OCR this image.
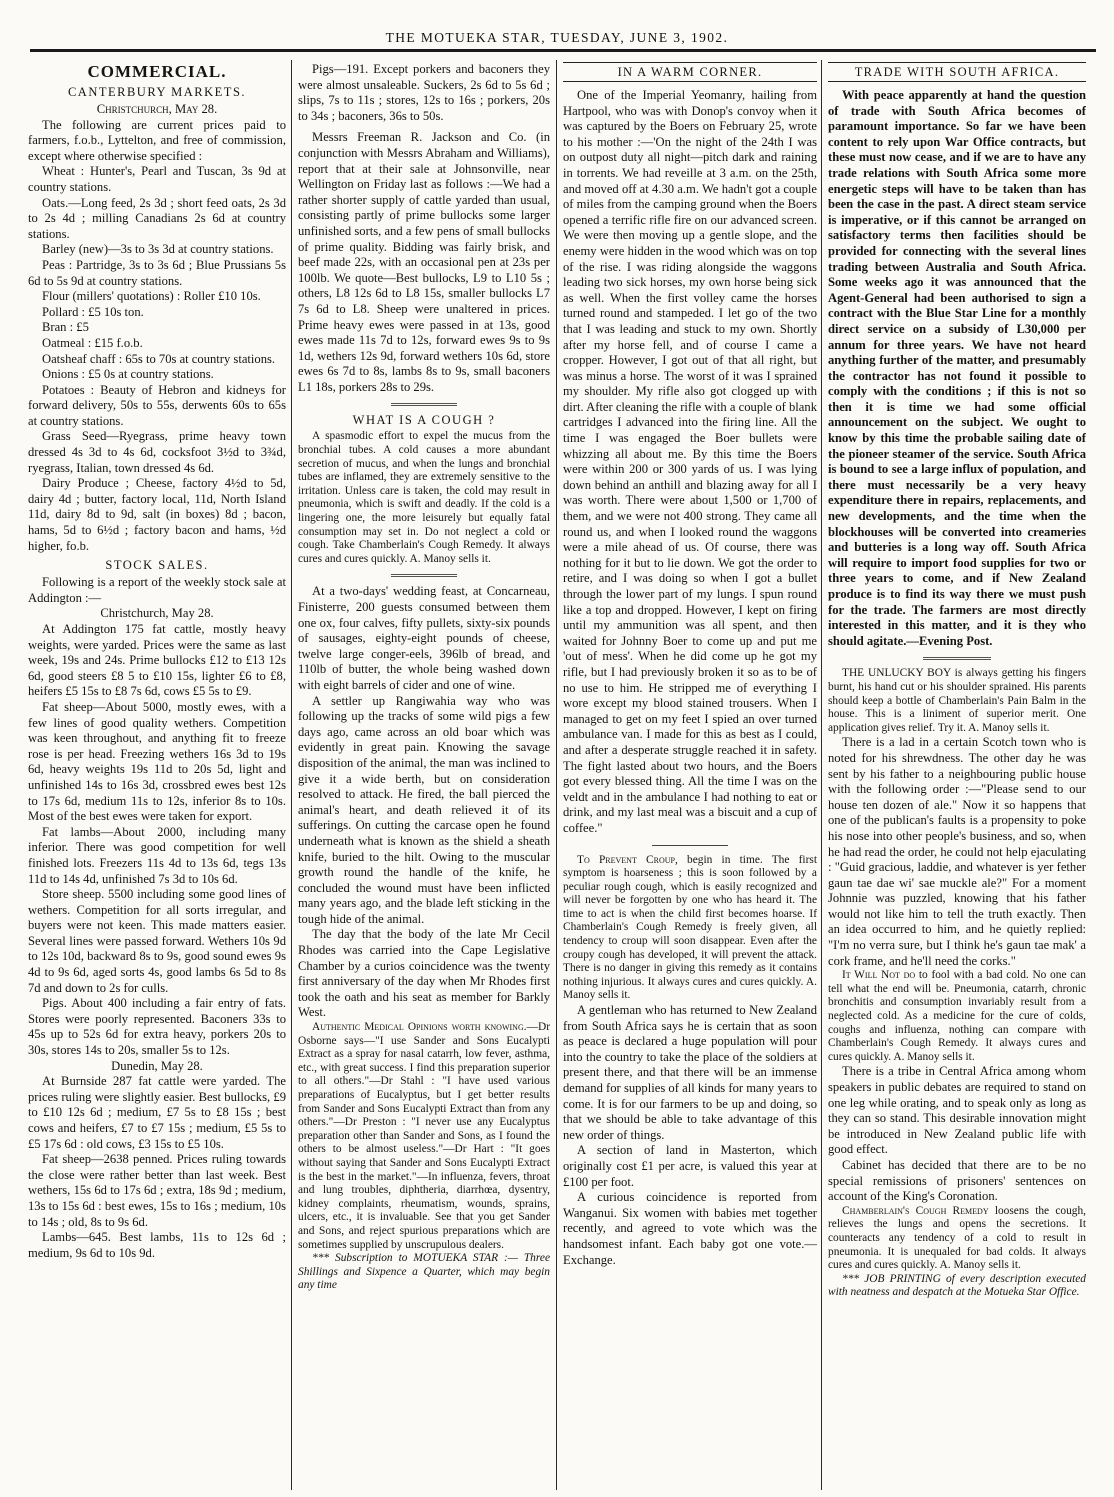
THE MOTUEKA STAR, TUESDAY, JUNE 3, 1902.
COMMERCIAL.
CANTERBURY MARKETS.

Christchurch, May 28.

The following are current prices paid to farmers, f.o.b., Lyttelton, and free of commission, except where otherwise specified :

Wheat : Hunter's, Pearl and Tuscan, 3s 9d at country stations.

Oats.—Long feed, 2s 3d ; short feed oats, 2s 3d to 2s 4d ; milling Canadians 2s 6d at country stations.

Barley (new)—3s to 3s 3d at country stations.

Peas : Partridge, 3s to 3s 6d ; Blue Prussians 5s 6d to 5s 9d at country stations.

Flour (millers' quotations) : Roller £10 10s.

Pollard : £5 10s ton.

Bran : £5

Oatmeal : £15 f.o.b.

Oatsheaf chaff : 65s to 70s at country stations.

Onions : £5 0s at country stations.

Potatoes : Beauty of Hebron and kidneys for forward delivery, 50s to 55s, derwents 60s to 65s at country stations.

Grass Seed—Ryegrass, prime heavy town dressed 4s 3d to 4s 6d, cocksfoot 3½d to 3¾d, ryegrass, Italian, town dressed 4s 6d.

Dairy Produce ; Cheese, factory 4½d to 5d, dairy 4d ; butter, factory local, 11d, North Island 11d, dairy 8d to 9d, salt (in boxes) 8d ; bacon, hams, 5d to 6½d ; factory bacon and hams, ½d higher, fo.b.

STOCK SALES.

Following is a report of the weekly stock sale at Addington :—

Christchurch, May 28.

At Addington 175 fat cattle, mostly heavy weights, were yarded. Prices were the same as last week, 19s and 24s. Prime bullocks £12 to £13 12s 6d, good steers £8 5 to £10 15s, lighter £6 to £8, heifers £5 15s to £8 7s 6d, cows £5 5s to £9.

Fat sheep—About 5000, mostly ewes, with a few lines of good quality wethers. Competition was keen throughout, and anything fit to freeze rose is per head. Freezing wethers 16s 3d to 19s 6d, heavy weights 19s 11d to 20s 5d, light and unfinished 14s to 16s 3d, crossbred ewes best 12s to 17s 6d, medium 11s to 12s, inferior 8s to 10s. Most of the best ewes were taken for export.

Fat lambs—About 2000, including many inferior. There was good competition for well finished lots. Freezers 11s 4d to 13s 6d, tegs 13s 11d to 14s 4d, unfinished 7s 3d to 10s 6d.

Store sheep. 5500 including some good lines of wethers. Competition for all sorts irregular, and buyers were not keen. This made matters easier. Several lines were passed forward. Wethers 10s 9d to 12s 10d, backward 8s to 9s, good sound ewes 9s 4d to 9s 6d, aged sorts 4s, good lambs 6s 5d to 8s 7d and down to 2s for culls.

Pigs. About 400 including a fair entry of fats. Stores were poorly represented. Baconers 33s to 45s up to 52s 6d for extra heavy, porkers 20s to 30s, stores 14s to 20s, smaller 5s to 12s.

Dunedin, May 28.

At Burnside 287 fat cattle were yarded. The prices ruling were slightly easier. Best bullocks, £9 to £10 12s 6d ; medium, £7 5s to £8 15s ; best cows and heifers, £7 to £7 15s ; medium, £5 5s to £5 17s 6d : old cows, £3 15s to £5 10s.

Fat sheep—2638 penned. Prices ruling towards the close were rather better than last week. Best wethers, 15s 6d to 17s 6d ; extra, 18s 9d ; medium, 13s to 15s 6d : best ewes, 15s to 16s ; medium, 10s to 14s ; old, 8s to 9s 6d.

Lambs—645. Best lambs, 11s to 12s 6d ; medium, 9s 6d to 10s 9d.

Pigs—191. Except porkers and baconers they were almost unsaleable. Suckers, 2s 6d to 5s 6d ; slips, 7s to 11s ; stores, 12s to 16s ; porkers, 20s to 34s ; baconers, 36s to 50s.

Messrs Freeman R. Jackson and Co. (in conjunction with Messrs Abraham and Williams), report that at their sale at Johnsonville, near Wellington on Friday last as follows :—We had a rather shorter supply of cattle yarded than usual, consisting partly of prime bullocks some larger unfinished sorts, and a few pens of small bullocks of prime quality. Bidding was fairly brisk, and beef made 22s, with an occasional pen at 23s per 100lb. We quote—Best bullocks, L9 to L10 5s ; others, L8 12s 6d to L8 15s, smaller bullocks L7 7s 6d to L8. Sheep were unaltered in prices. Prime heavy ewes were passed in at 13s, good ewes made 11s 7d to 12s, forward ewes 9s to 9s 1d, wethers 12s 9d, forward wethers 10s 6d, store ewes 6s 7d to 8s, lambs 8s to 9s, small baconers L1 18s, porkers 28s to 29s.

WHAT IS A COUGH ?

A spasmodic effort to expel the mucus from the bronchial tubes. A cold causes a more abundant secretion of mucus, and when the lungs and bronchial tubes are inflamed, they are extremely sensitive to the irritation. Unless care is taken, the cold may result in pneumonia, which is swift and deadly. If the cold is a lingering one, the more leisurely but equally fatal consumption may set in. Do not neglect a cold or cough. Take Chamberlain's Cough Remedy. It always cures and cures quickly. A. Manoy sells it.

At a two-days' wedding feast, at Concarneau, Finisterre, 200 guests consumed between them one ox, four calves, fifty pullets, sixty-six pounds of sausages, eighty-eight pounds of cheese, twelve large conger-eels, 396lb of bread, and 110lb of butter, the whole being washed down with eight barrels of cider and one of wine.

A settler up Rangiwahia way who was following up the tracks of some wild pigs a few days ago, came across an old boar which was evidently in great pain. Knowing the savage disposition of the animal, the man was inclined to give it a wide berth, but on consideration resolved to attack. He fired, the ball pierced the animal's heart, and death relieved it of its sufferings. On cutting the carcase open he found underneath what is known as the shield a sheath knife, buried to the hilt. Owing to the muscular growth round the handle of the knife, he concluded the wound must have been inflicted many years ago, and the blade left sticking in the tough hide of the animal.

The day that the body of the late Mr Cecil Rhodes was carried into the Cape Legislative Chamber by a curios coincidence was the twenty first anniversary of the day when Mr Rhodes first took the oath and his seat as member for Barkly West.

Authentic Medical Opinions worth knowing.—Dr Osborne says—"I use Sander and Sons Eucalypti Extract as a spray for nasal catarrh, low fever, asthma, etc., with great success. I find this preparation superior to all others."—Dr Stahl : "I have used various preparations of Eucalyptus, but I get better results from Sander and Sons Eucalypti Extract than from any others."—Dr Preston : "I never use any Eucalyptus preparation other than Sander and Sons, as I found the others to be almost useless."—Dr Hart : "It goes without saying that Sander and Sons Eucalypti Extract is the best in the market."—In influenza, fevers, throat and lung troubles, diphtheria, diarrhœa, dysentry, kidney complaints, rheumatism, wounds, sprains, ulcers, etc., it is invaluable. See that you get Sander and Sons, and reject spurious preparations which are sometimes supplied by unscrupulous dealers.

*** Subscription to MOTUEKA STAR :— Three Shillings and Sixpence a Quarter, which may begin any time

IN A WARM CORNER.

One of the Imperial Yeomanry, hailing from Hartpool, who was with Donop's convoy when it was captured by the Boers on February 25, wrote to his mother :—'On the night of the 24th I was on outpost duty all night—pitch dark and raining in torrents. We had reveille at 3 a.m. on the 25th, and moved off at 4.30 a.m. We hadn't got a couple of miles from the camping ground when the Boers opened a terrific rifle fire on our advanced screen. We were then moving up a gentle slope, and the enemy were hidden in the wood which was on top of the rise. I was riding alongside the waggons leading two sick horses, my own horse being sick as well. When the first volley came the horses turned round and stampeded. I let go of the two that I was leading and stuck to my own. Shortly after my horse fell, and of course I came a cropper. However, I got out of that all right, but was minus a horse. The worst of it was I sprained my shoulder. My rifle also got clogged up with dirt. After cleaning the rifle with a couple of blank cartridges I advanced into the firing line. All the time I was engaged the Boer bullets were whizzing all about me. By this time the Boers were within 200 or 300 yards of us. I was lying down behind an anthill and blazing away for all I was worth. There were about 1,500 or 1,700 of them, and we were not 400 strong. They came all round us, and when I looked round the waggons were a mile ahead of us. Of course, there was nothing for it but to lie down. We got the order to retire, and I was doing so when I got a bullet through the lower part of my lungs. I spun round like a top and dropped. However, I kept on firing until my ammunition was all spent, and then waited for Johnny Boer to come up and put me 'out of mess'. When he did come up he got my rifle, but I had previously broken it so as to be of no use to him. He stripped me of everything I wore except my blood stained trousers. When I managed to get on my feet I spied an over turned ambulance van. I made for this as best as I could, and after a desperate struggle reached it in safety. The fight lasted about two hours, and the Boers got every blessed thing. All the time I was on the veldt and in the ambulance I had nothing to eat or drink, and my last meal was a biscuit and a cup of coffee."

To Prevent Croup, begin in time. The first symptom is hoarseness ; this is soon followed by a peculiar rough cough, which is easily recognized and will never be forgotten by one who has heard it. The time to act is when the child first becomes hoarse. If Chamberlain's Cough Remedy is freely given, all tendency to croup will soon disappear. Even after the croupy cough has developed, it will prevent the attack. There is no danger in giving this remedy as it contains nothing injurious. It always cures and cures quickly. A. Manoy sells it.

A gentleman who has returned to New Zealand from South Africa says he is certain that as soon as peace is declared a huge population will pour into the country to take the place of the soldiers at present there, and that there will be an immense demand for supplies of all kinds for many years to come. It is for our farmers to be up and doing, so that we should be able to take advantage of this new order of things.

A section of land in Masterton, which originally cost £1 per acre, is valued this year at £100 per foot.

A curious coincidence is reported from Wanganui. Six women with babies met together recently, and agreed to vote which was the handsomest infant. Each baby got one vote.—Exchange.

TRADE WITH SOUTH AFRICA.

With peace apparently at hand the question of trade with South Africa becomes of paramount importance. So far we have been content to rely upon War Office contracts, but these must now cease, and if we are to have any trade relations with South Africa some more energetic steps will have to be taken than has been the case in the past. A direct steam service is imperative, or if this cannot be arranged on satisfactory terms then facilities should be provided for connecting with the several lines trading between Australia and South Africa. Some weeks ago it was announced that the Agent-General had been authorised to sign a contract with the Blue Star Line for a monthly direct service on a subsidy of L30,000 per annum for three years. We have not heard anything further of the matter, and presumably the contractor has not found it possible to comply with the conditions ; if this is not so then it is time we had some official announcement on the subject. We ought to know by this time the probable sailing date of the pioneer steamer of the service. South Africa is bound to see a large influx of population, and there must necessarily be a very heavy expenditure there in repairs, replacements, and new developments, and the time when the blockhouses will be converted into creameries and butteries is a long way off. South Africa will require to import food supplies for two or three years to come, and if New Zealand produce is to find its way there we must push for the trade. The farmers are most directly interested in this matter, and it is they who should agitate.—Evening Post.

THE UNLUCKY BOY is always getting his fingers burnt, his hand cut or his shoulder sprained. His parents should keep a bottle of Chamberlain's Pain Balm in the house. This is a liniment of superior merit. One application gives relief. Try it. A. Manoy sells it.

There is a lad in a certain Scotch town who is noted for his shrewdness. The other day he was sent by his father to a neighbouring public house with the following order :—"Please send to our house ten dozen of ale." Now it so happens that one of the publican's faults is a propensity to poke his nose into other people's business, and so, when he had read the order, he could not help ejaculating : "Guid gracious, laddie, and whatever is yer fether gaun tae dae wi' sae muckle ale?" For a moment Johnnie was puzzled, knowing that his father would not like him to tell the truth exactly. Then an idea occurred to him, and he quietly replied: "I'm no verra sure, but I think he's gaun tae mak' a cork frame, and he'll need the corks."

It Will Not do to fool with a bad cold. No one can tell what the end will be. Pneumonia, catarrh, chronic bronchitis and consumption invariably result from a neglected cold. As a medicine for the cure of colds, coughs and influenza, nothing can compare with Chamberlain's Cough Remedy. It always cures and cures quickly. A. Manoy sells it.

There is a tribe in Central Africa among whom speakers in public debates are required to stand on one leg while orating, and to speak only as long as they can so stand. This desirable innovation might be introduced in New Zealand public life with good effect.

Cabinet has decided that there are to be no special remissions of prisoners' sentences on account of the King's Coronation.

Chamberlain's Cough Remedy loosens the cough, relieves the lungs and opens the secretions. It counteracts any tendency of a cold to result in pneumonia. It is unequaled for bad colds. It always cures and cures quickly. A. Manoy sells it.

*** JOB PRINTING of every description executed with neatness and despatch at the Motueka Star Office.
